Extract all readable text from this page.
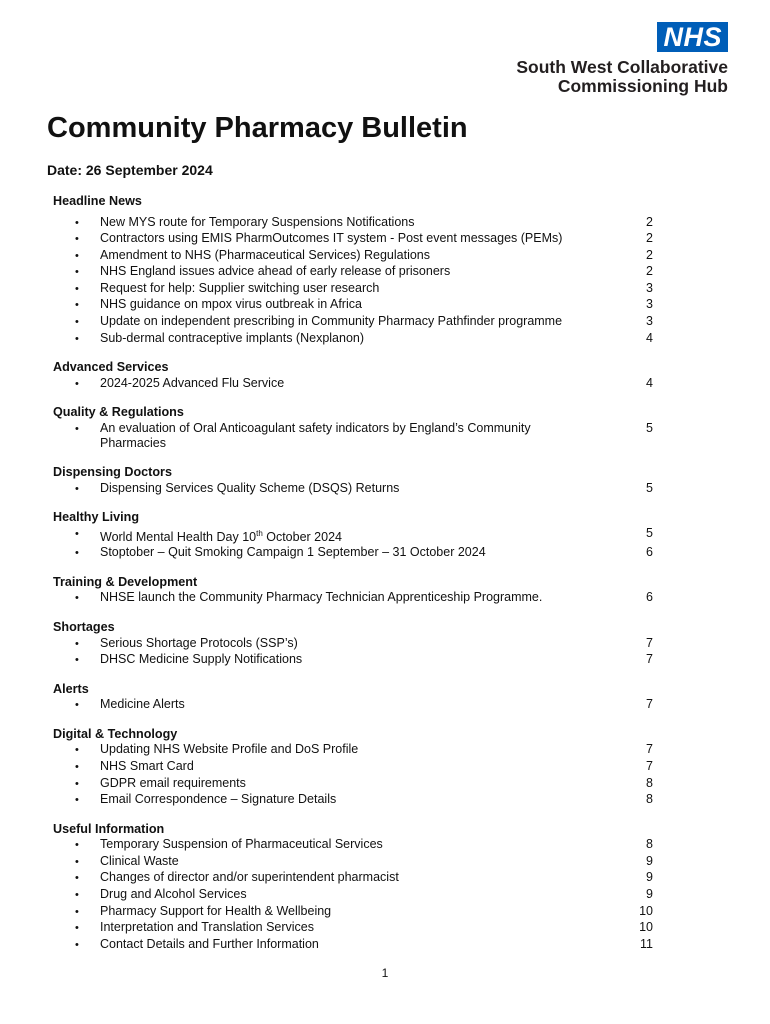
NHS
South West Collaborative
Commissioning Hub
Community Pharmacy Bulletin
Date: 26 September 2024
Headline News
•
New MYS route for Temporary Suspensions Notifications	2
•
Contractors using EMIS PharmOutcomes IT system - Post event messages (PEMs)	2
•
Amendment to NHS (Pharmaceutical Services) Regulations	2
•
NHS England issues advice ahead of early release of prisoners	2
•
Request for help: Supplier switching user research	3
•
NHS guidance on mpox virus outbreak in Africa	3
•
Update on independent prescribing in Community Pharmacy Pathfinder programme	3
•
Sub-dermal contraceptive implants (Nexplanon)	4
Advanced Services
•
2024-2025 Advanced Flu Service	4
Quality & Regulations
•
An evaluation of Oral Anticoagulant safety indicators by England’s Community Pharmacies
5
Dispensing Doctors
•
Dispensing Services Quality Scheme (DSQS) Returns	5
Healthy Living
•
World Mental Health Day 10th October 2024	5
•
Stoptober – Quit Smoking Campaign 1 September – 31 October 2024	6
Training & Development
•
NHSE launch the Community Pharmacy Technician Apprenticeship Programme.	6
Shortages
•
Serious Shortage Protocols (SSP’s)	7
•
DHSC Medicine Supply Notifications	7
Alerts
•
Medicine Alerts	7
Digital & Technology
•
Updating NHS Website Profile and DoS Profile	7
•
NHS Smart Card	7
•
GDPR email requirements	8
•
Email Correspondence – Signature Details	8
Useful Information
•
Temporary Suspension of Pharmaceutical Services	8
•
Clinical Waste	9
•
Changes of director and/or superintendent pharmacist	9
•
Drug and Alcohol Services	9
•
Pharmacy Support for Health & Wellbeing	10
•
Interpretation and Translation Services	10
•
Contact Details and Further Information	11
1
